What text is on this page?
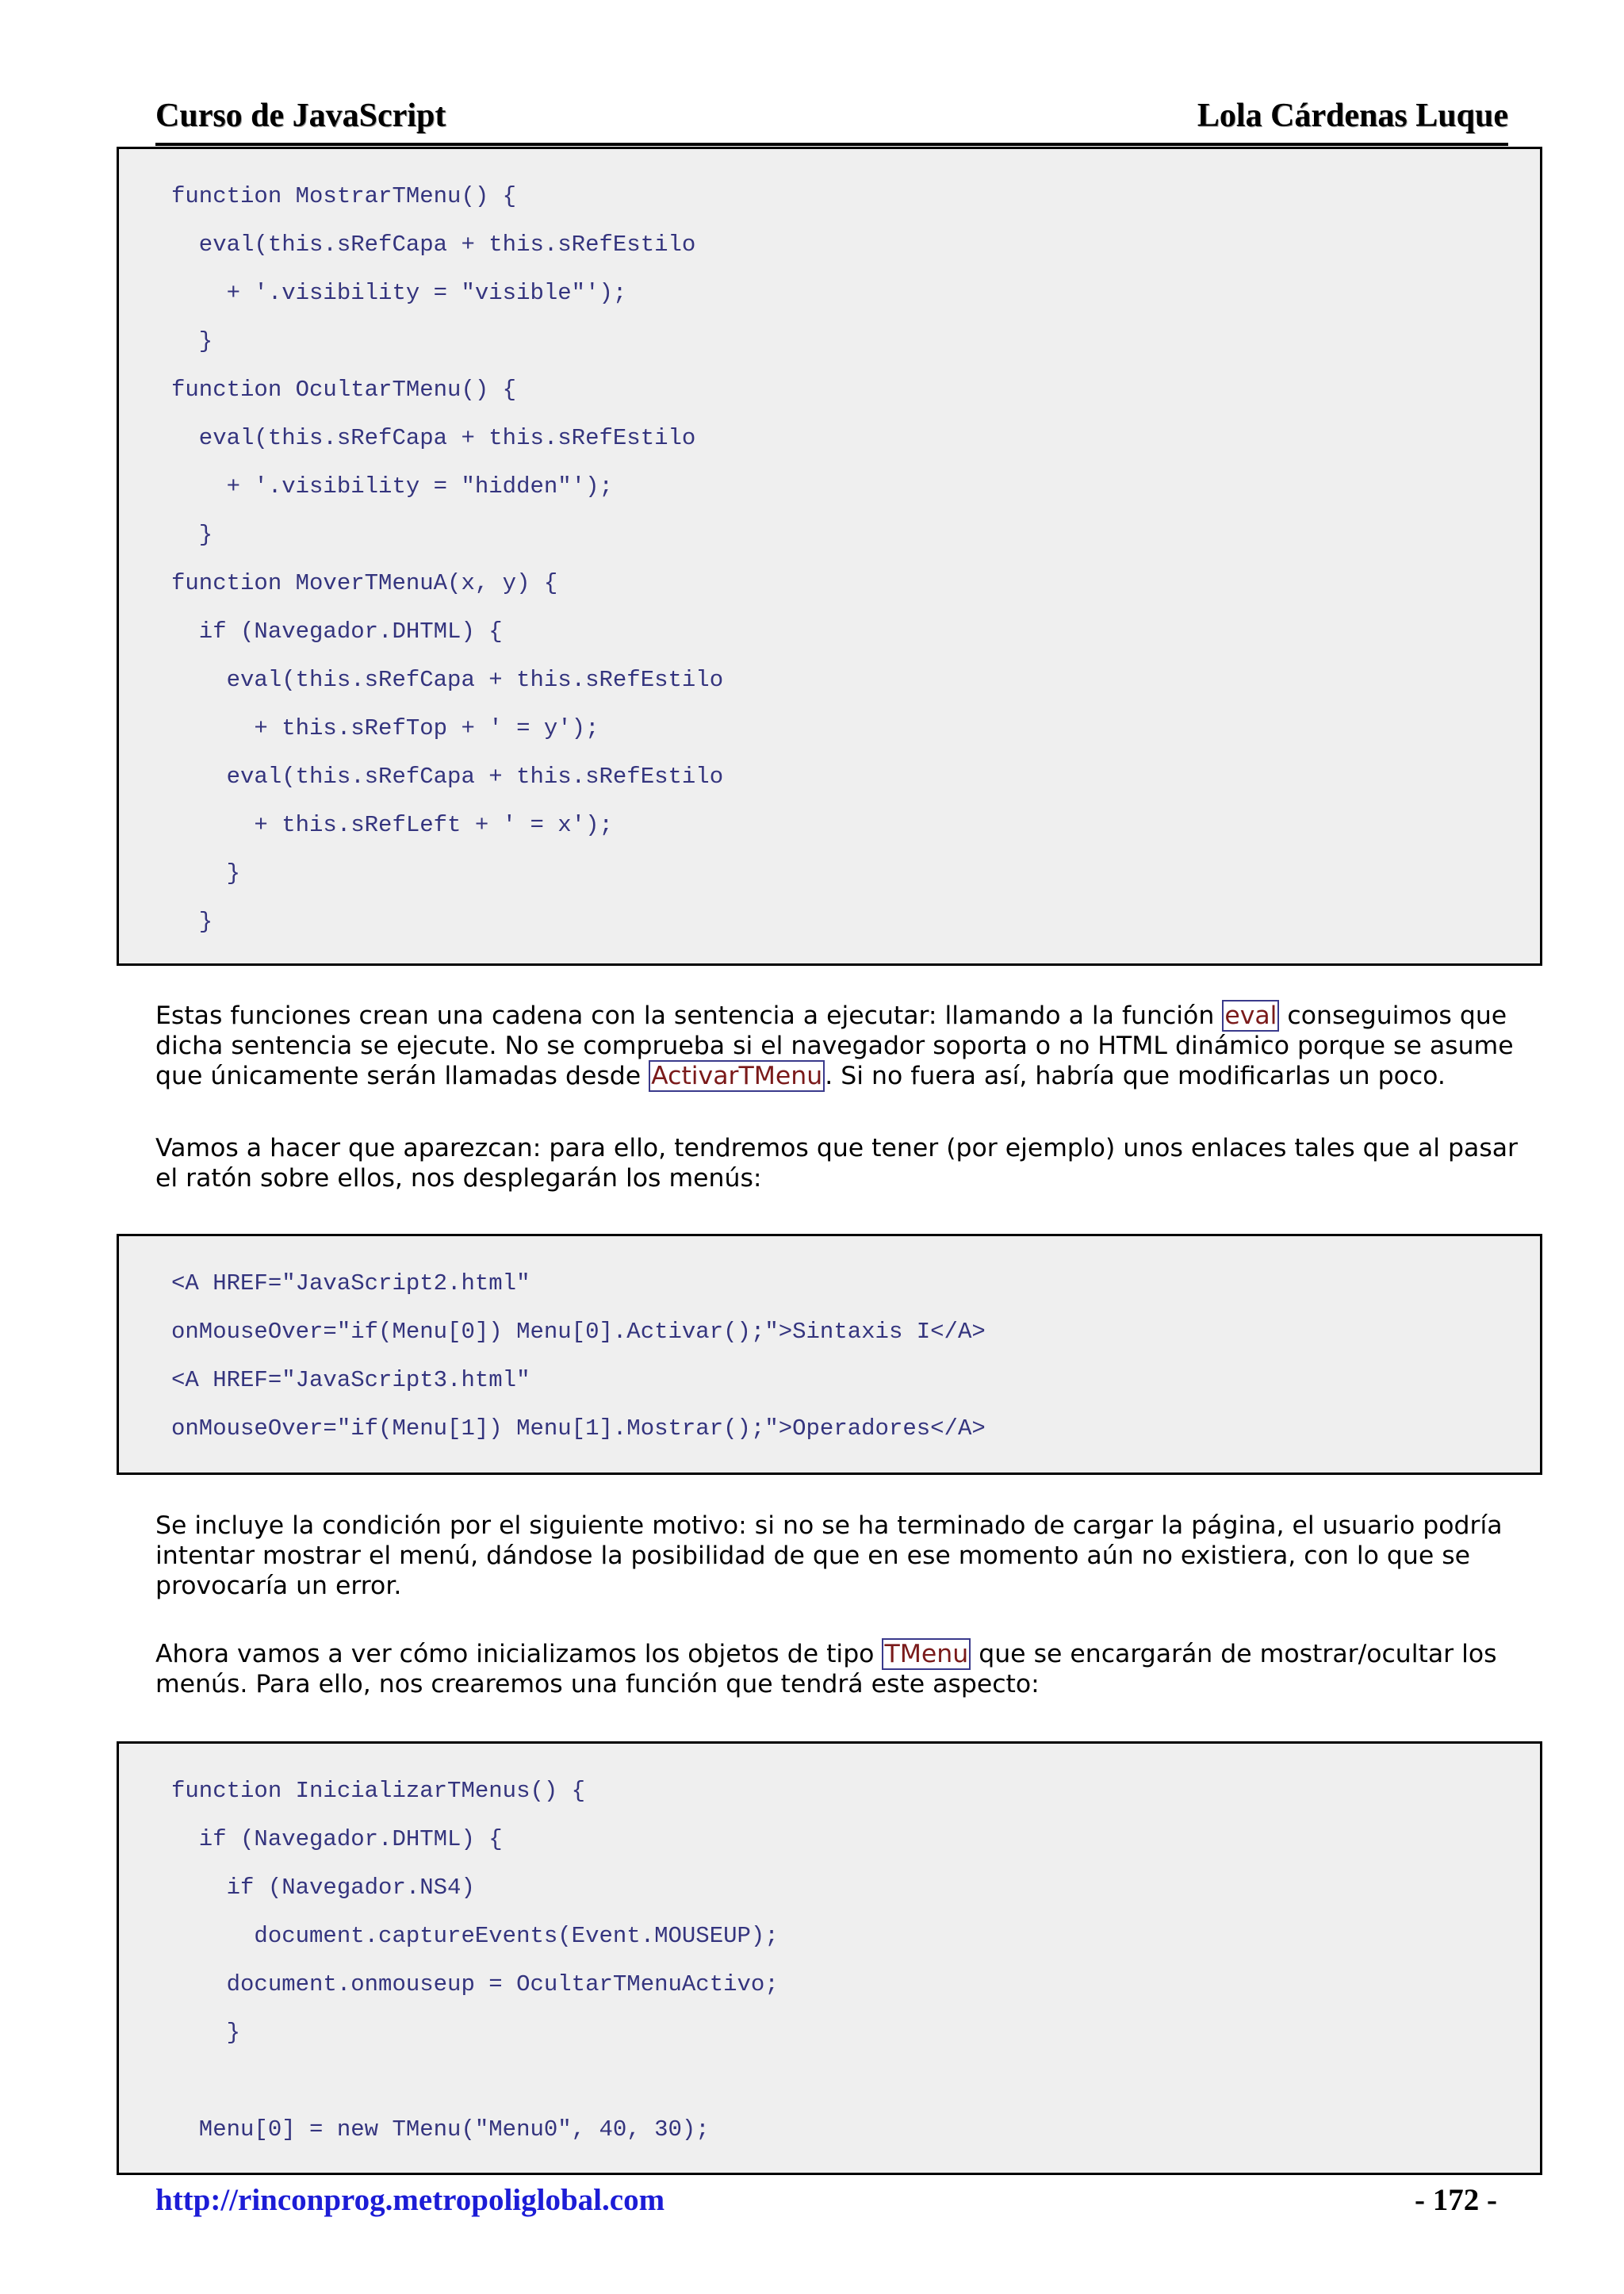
Curso de JavaScript	Lola Cárdenas Luque
function MostrarTMenu() {
eval(this.sRefCapa + this.sRefEstilo
+ '.visibility = "visible"');
}
function OcultarTMenu() {
eval(this.sRefCapa + this.sRefEstilo
+ '.visibility = "hidden"');
}
function MoverTMenuA(x, y) {
if (Navegador.DHTML) {
eval(this.sRefCapa + this.sRefEstilo
+ this.sRefTop + ' = y');
eval(this.sRefCapa + this.sRefEstilo
+ this.sRefLeft + ' = x');
}
}

Estas funciones crean una cadena con la sentencia a ejecutar: llamando a la función eval conseguimos que dicha sentencia se ejecute. No se comprueba si el navegador soporta o no HTML dinámico porque se asume que únicamente serán llamadas desde ActivarTMenu. Si no fuera así, habría que modificarlas un poco.

Vamos a hacer que aparezcan: para ello, tendremos que tener (por ejemplo) unos enlaces tales que al pasar el ratón sobre ellos, nos desplegarán los menús:

<A HREF="JavaScript2.html"
onMouseOver="if(Menu[0]) Menu[0].Activar();">Sintaxis I</A>
<A HREF="JavaScript3.html"
onMouseOver="if(Menu[1]) Menu[1].Mostrar();">Operadores</A>

Se incluye la condición por el siguiente motivo: si no se ha terminado de cargar la página, el usuario podría intentar mostrar el menú, dándose la posibilidad de que en ese momento aún no existiera, con lo que se provocaría un error.

Ahora vamos a ver cómo inicializamos los objetos de tipo TMenu que se encargarán de mostrar/ocultar los menús. Para ello, nos crearemos una función que tendrá este aspecto:

function InicializarTMenus() {
if (Navegador.DHTML) {
if (Navegador.NS4)
document.captureEvents(Event.MOUSEUP);
document.onmouseup = OcultarTMenuActivo;
}
Menu[0] = new TMenu("Menu0", 40, 30);
http://rinconprog.metropoliglobal.com	- 172 -
